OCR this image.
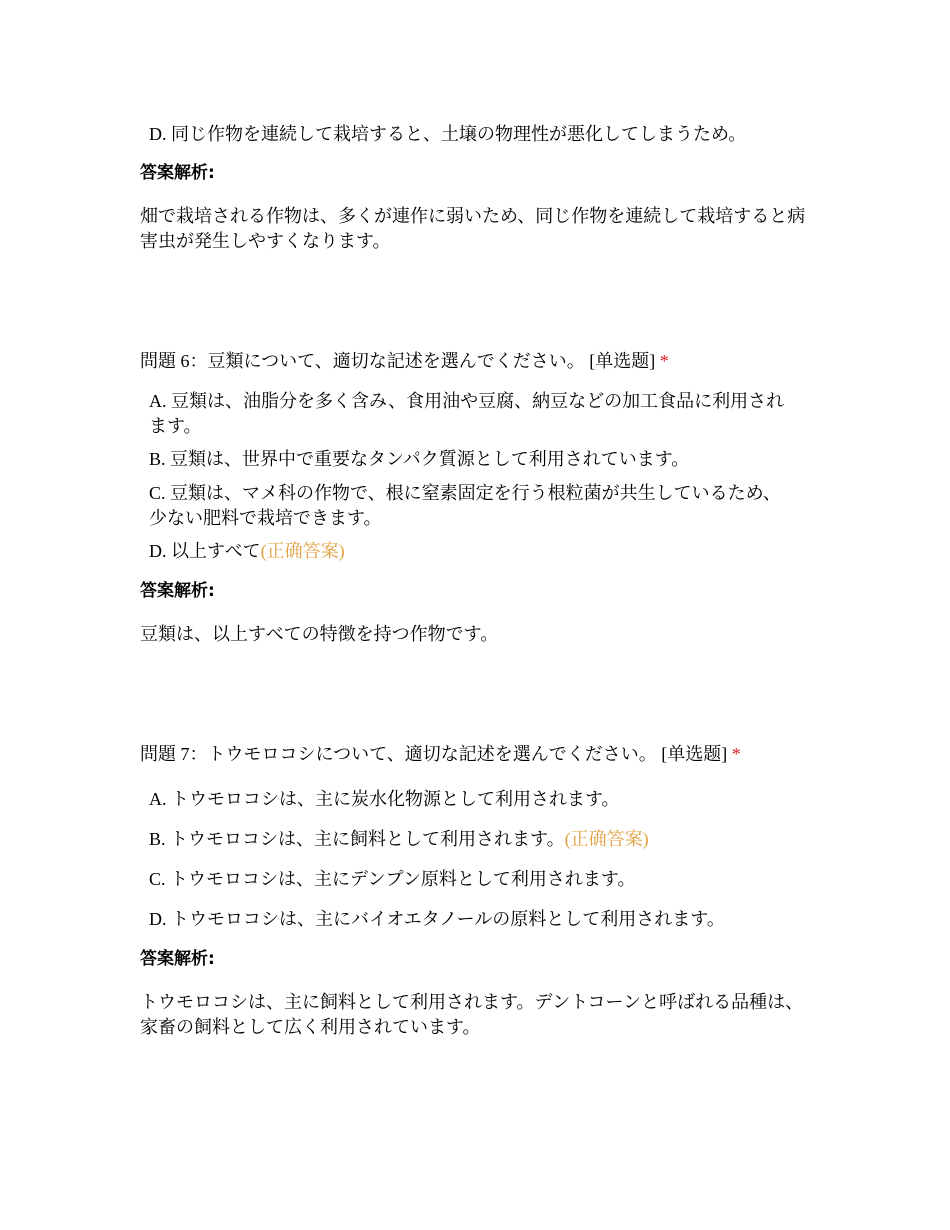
D. 同じ作物を連続して栽培すると、土壌の物理性が悪化してしまうため。
答案解析:
畑で栽培される作物は、多くが連作に弱いため、同じ作物を連続して栽培すると病害虫が発生しやすくなります。
問題 6：豆類について、適切な記述を選んでください。 [单选题] *
A. 豆類は、油脂分を多く含み、食用油や豆腐、納豆などの加工食品に利用されます。
B. 豆類は、世界中で重要なタンパク質源として利用されています。
C. 豆類は、マメ科の作物で、根に窒素固定を行う根粒菌が共生しているため、少ない肥料で栽培できます。
D. 以上すべて(正确答案)
答案解析:
豆類は、以上すべての特徴を持つ作物です。
問題 7：トウモロコシについて、適切な記述を選んでください。 [单选题] *
A. トウモロコシは、主に炭水化物源として利用されます。
B. トウモロコシは、主に飼料として利用されます。(正确答案)
C. トウモロコシは、主にデンプン原料として利用されます。
D. トウモロコシは、主にバイオエタノールの原料として利用されます。
答案解析:
トウモロコシは、主に飼料として利用されます。デントコーンと呼ばれる品種は、家畜の飼料として広く利用されています。
